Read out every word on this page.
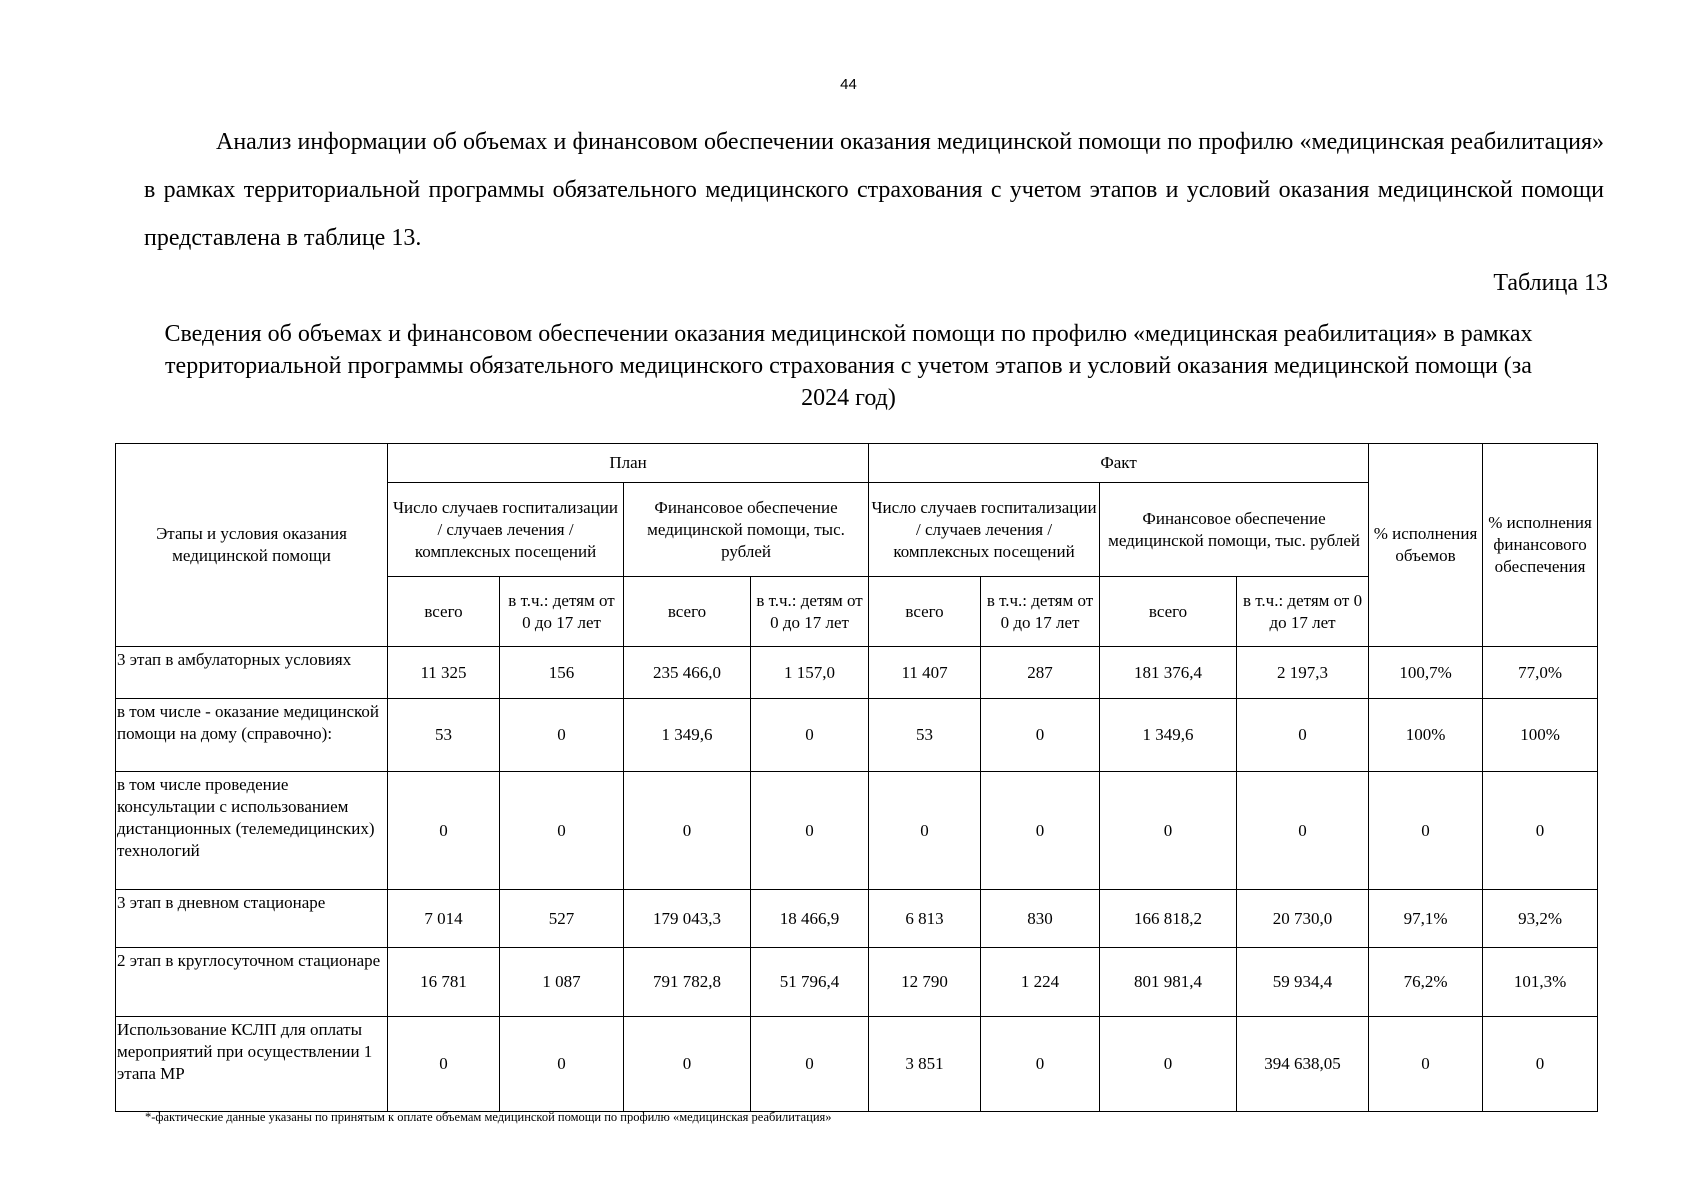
44

Анализ информации об объемах и финансовом обеспечении оказания медицинской помощи по профилю «медицинская реабилитация» в рамках территориальной программы обязательного медицинского страхования с учетом этапов и условий оказания медицинской помощи представлена в таблице 13.

Таблица 13

Сведения об объемах и финансовом обеспечении оказания медицинской помощи по профилю «медицинская реабилитация» в рамках территориальной программы обязательного медицинского страхования с учетом этапов и условий оказания медицинской помощи (за 2024 год)

Этапы и условия оказания медицинской помощи	План				Факт				% исполнения объемов	% исполнения финансового обеспечения
	Число случаев госпитализации / случаев лечения / комплексных посещений		Финансовое обеспечение медицинской помощи, тыс. рублей		Число случаев госпитализации / случаев лечения / комплексных посещений		Финансовое обеспечение медицинской помощи, тыс. рублей			
	всего	в т.ч.: детям от 0 до 17 лет	всего	в т.ч.: детям от 0 до 17 лет	всего	в т.ч.: детям от 0 до 17 лет	всего	в т.ч.: детям от 0 до 17 лет		
3 этап в амбулаторных условиях	11 325	156	235 466,0	1 157,0	11 407	287	181 376,4	2 197,3	100,7%	77,0%
в том числе - оказание медицинской помощи на дому (справочно):	53	0	1 349,6	0	53	0	1 349,6	0	100%	100%
в том числе проведение консультации с использованием дистанционных (телемедицинских) технологий	0	0	0	0	0	0	0	0	0	0
3 этап в дневном стационаре	7 014	527	179 043,3	18 466,9	6 813	830	166 818,2	20 730,0	97,1%	93,2%
2 этап в круглосуточном стационаре	16 781	1 087	791 782,8	51 796,4	12 790	1 224	801 981,4	59 934,4	76,2%	101,3%
Использование КСЛП для оплаты мероприятий при осуществлении 1 этапа МР	0	0	0	0	3 851	0	0	394 638,05	0	0
*-фактические данные указаны по принятым к оплате объемам медицинской помощи по профилю «медицинская реабилитация»
